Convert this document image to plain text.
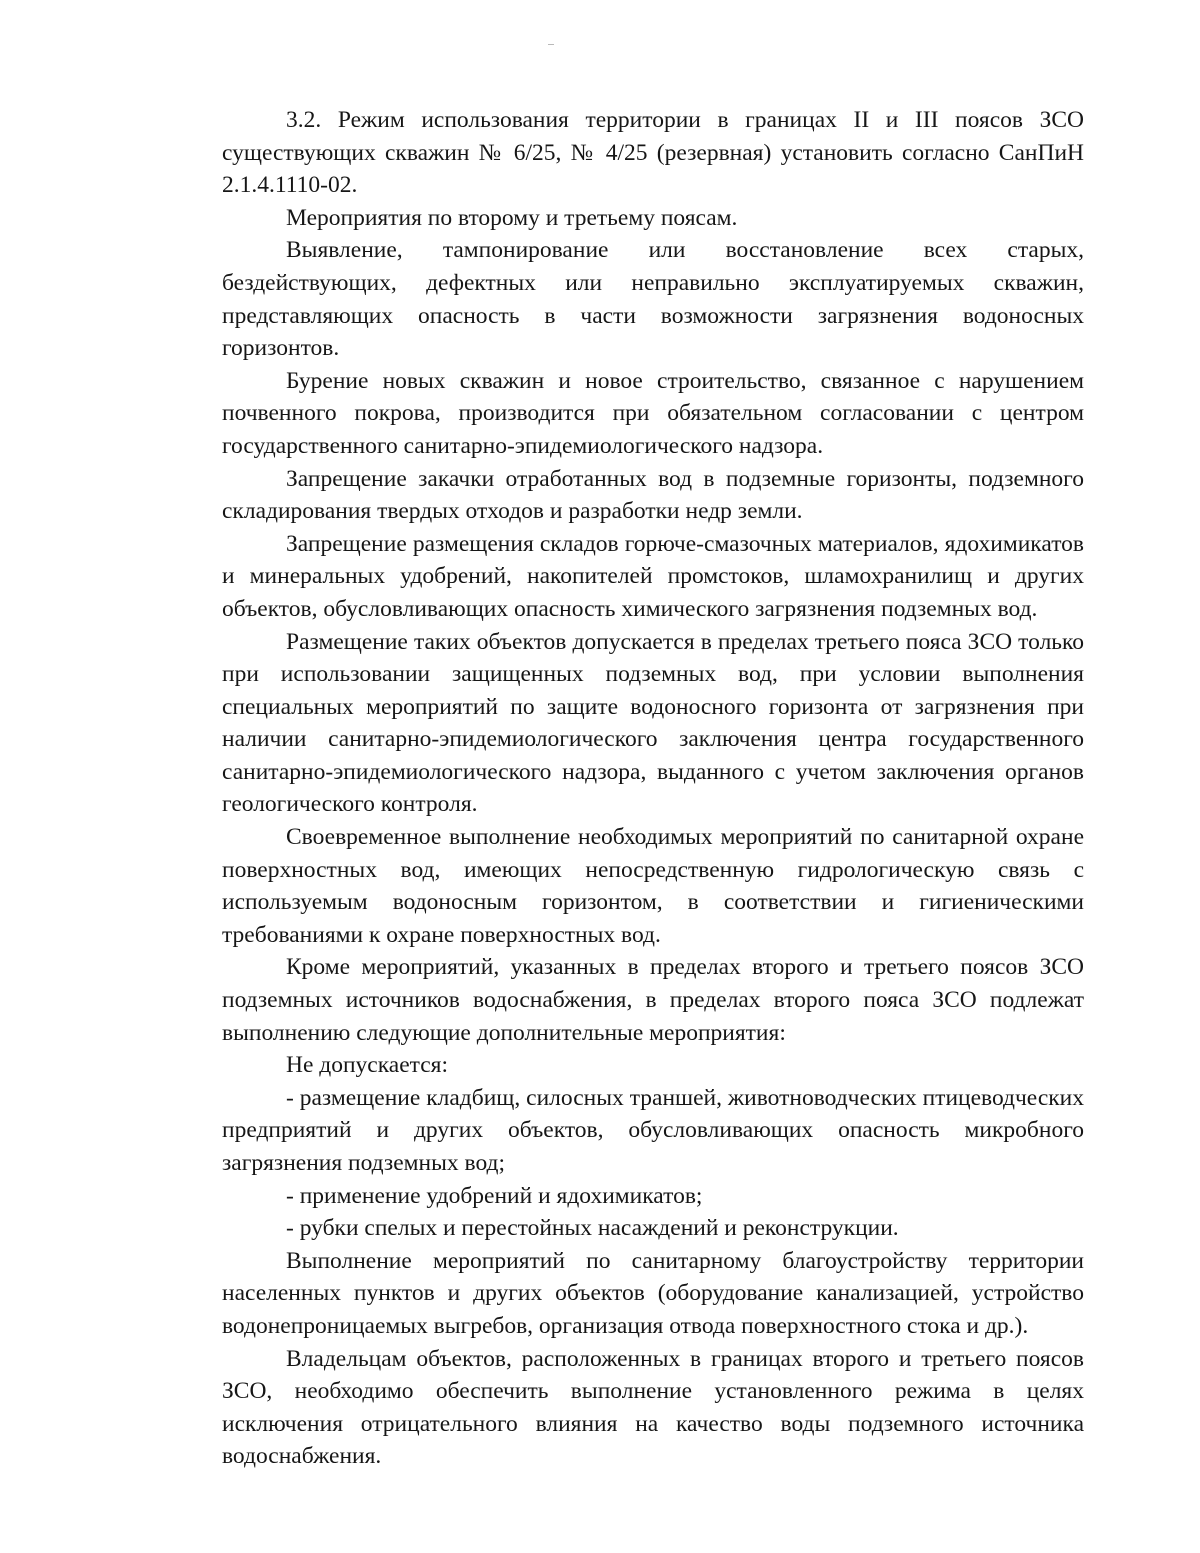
3.2. Режим использования территории в границах II и III поясов ЗСО существующих скважин № 6/25, № 4/25 (резервная) установить согласно СанПиН 2.1.4.1110-02.

Мероприятия по второму и третьему поясам.

Выявление, тампонирование или восстановление всех старых, бездействующих, дефектных или неправильно эксплуатируемых скважин, представляющих опасность в части возможности загрязнения водоносных горизонтов.

Бурение новых скважин и новое строительство, связанное с нарушением почвенного покрова, производится при обязательном согласовании с центром государственного санитарно-эпидемиологического надзора.

Запрещение закачки отработанных вод в подземные горизонты, подземного складирования твердых отходов и разработки недр земли.

Запрещение размещения складов горюче-смазочных материалов, ядохимикатов и минеральных удобрений, накопителей промстоков, шламохранилищ и других объектов, обусловливающих опасность химического загрязнения подземных вод.

Размещение таких объектов допускается в пределах третьего пояса ЗСО только при использовании защищенных подземных вод, при условии выполнения специальных мероприятий по защите водоносного горизонта от загрязнения при наличии санитарно-эпидемиологического заключения центра государственного санитарно-эпидемиологического надзора, выданного с учетом заключения органов геологического контроля.

Своевременное выполнение необходимых мероприятий по санитарной охране поверхностных вод, имеющих непосредственную гидрологическую связь с используемым водоносным горизонтом, в соответствии и гигиеническими требованиями к охране поверхностных вод.

Кроме мероприятий, указанных в пределах второго и третьего поясов ЗСО подземных источников водоснабжения, в пределах второго пояса ЗСО подлежат выполнению следующие дополнительные мероприятия:

Не допускается:

- размещение кладбищ, силосных траншей, животноводческих птицеводческих предприятий и других объектов, обусловливающих опасность микробного загрязнения подземных вод;

- применение удобрений и ядохимикатов;

- рубки спелых и перестойных насаждений и реконструкции.

Выполнение мероприятий по санитарному благоустройству территории населенных пунктов и других объектов (оборудование канализацией, устройство водонепроницаемых выгребов, организация отвода поверхностного стока и др.).

Владельцам объектов, расположенных в границах второго и третьего поясов ЗСО, необходимо обеспечить выполнение установленного режима в целях исключения отрицательного влияния на качество воды подземного источника водоснабжения.
